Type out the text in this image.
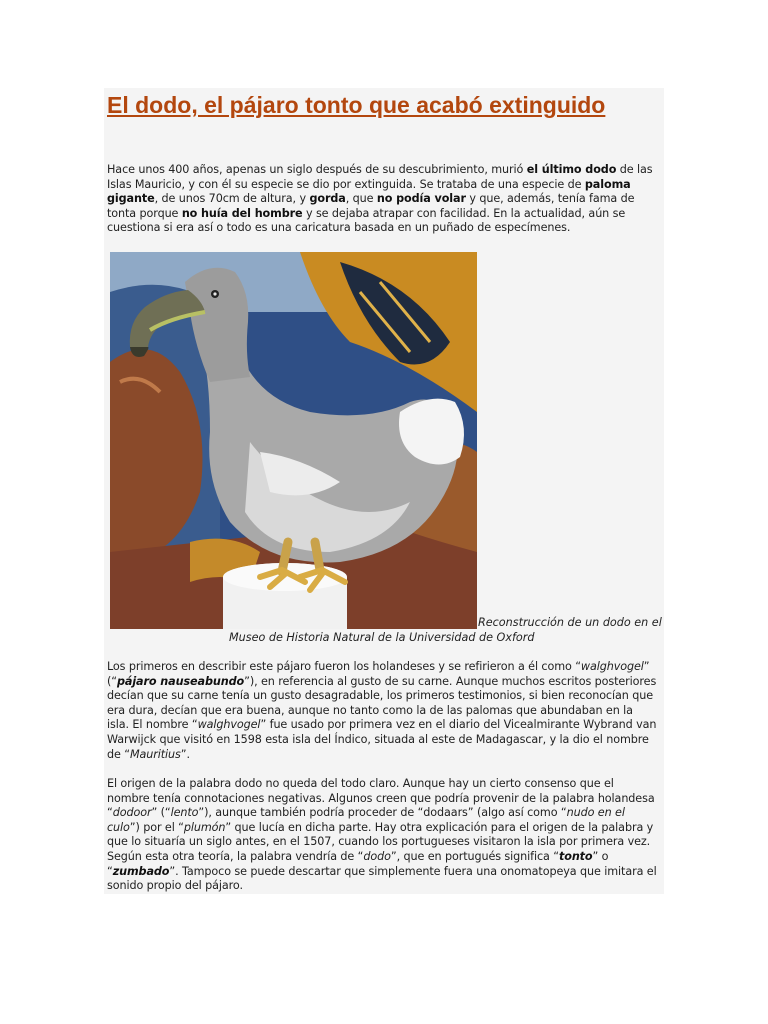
El dodo, el pájaro tonto que acabó extinguido

Hace unos 400 años, apenas un siglo después de su descubrimiento, murió el último dodo de las Islas Mauricio, y con él su especie se dio por extinguida. Se trataba de una especie de paloma gigante, de unos 70cm de altura, y gorda, que no podía volar y que, además, tenía fama de tonta porque no huía del hombre y se dejaba atrapar con facilidad. En la actualidad, aún se cuestiona si era así o todo es una caricatura basada en un puñado de especímenes.

Reconstrucción de un dodo en el

Museo de Historia Natural de la Universidad de Oxford

Los primeros en describir este pájaro fueron los holandeses y se refirieron a él como “walghvogel” (“pájaro nauseabundo”), en referencia al gusto de su carne. Aunque muchos escritos posteriores decían que su carne tenía un gusto desagradable, los primeros testimonios, si bien reconocían que era dura, decían que era buena, aunque no tanto como la de las palomas que abundaban en la isla. El nombre “walghvogel” fue usado por primera vez en el diario del Vicealmirante Wybrand van Warwijck que visitó en 1598 esta isla del Índico, situada al este de Madagascar, y la dio el nombre de “Mauritius”.

El origen de la palabra dodo no queda del todo claro. Aunque hay un cierto consenso que el nombre tenía connotaciones negativas. Algunos creen que podría provenir de la palabra holandesa “dodoor” (“lento”), aunque también podría proceder de “dodaars” (algo así como “nudo en el culo”) por el “plumón” que lucía en dicha parte. Hay otra explicación para el origen de la palabra y que lo situaría un siglo antes, en el 1507, cuando los portugueses visitaron la isla por primera vez. Según esta otra teoría, la palabra vendría de “dodo”, que en portugués significa “tonto” o “zumbado”. Tampoco se puede descartar que simplemente fuera una onomatopeya que imitara el sonido propio del pájaro.
